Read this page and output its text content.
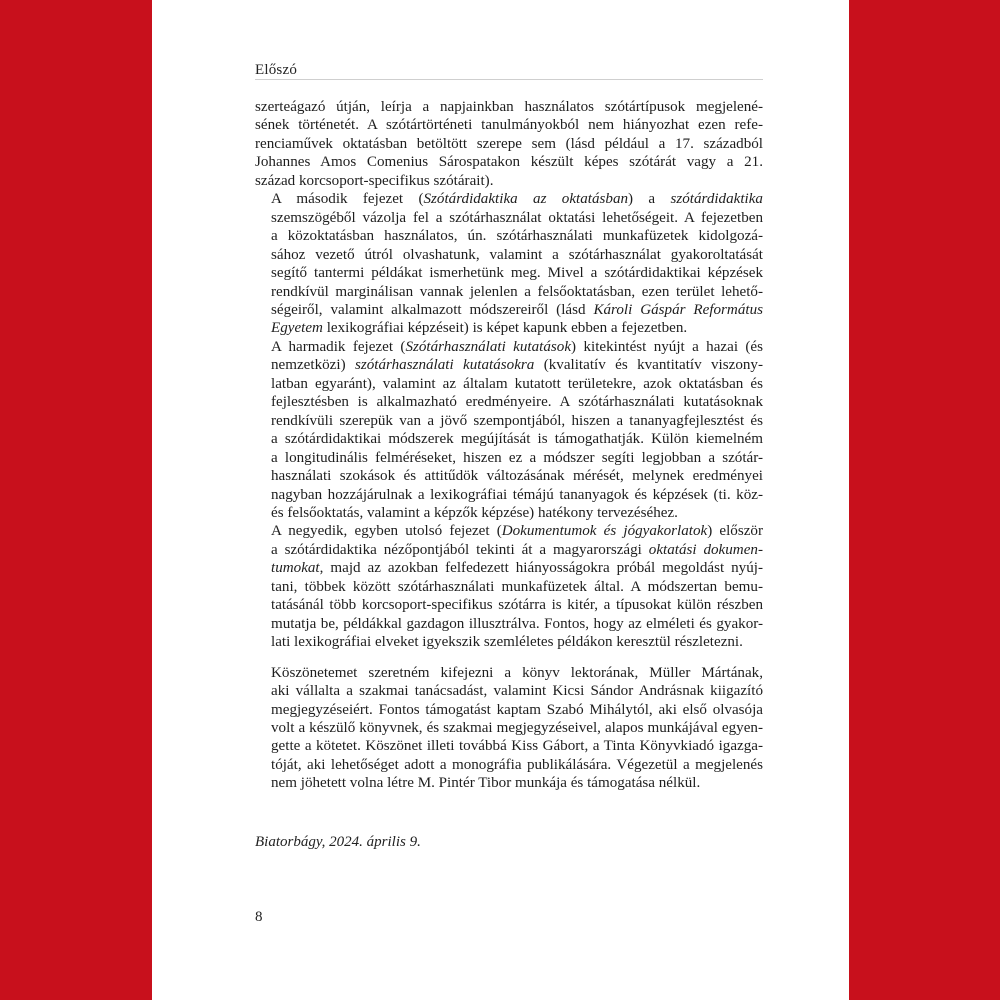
Előszó

szerteágazó útján, leírja a napjainkban használatos szótártípusok megjelené-
sének történetét. A szótártörténeti tanulmányokból nem hiányozhat ezen refe-
renciaművek oktatásban betöltött szerepe sem (lásd például a 17. századból
Johannes Amos Comenius Sárospatakon készült képes szótárát vagy a 21.
század korcsoport-specifikus szótárait).

A második fejezet (Szótárdidaktika az oktatásban) a szótárdidaktika
szemszögéből vázolja fel a szótárhasználat oktatási lehetőségeit. A fejezetben
a közoktatásban használatos, ún. szótárhasználati munkafüzetek kidolgozá-
sához vezető útról olvashatunk, valamint a szótárhasználat gyakoroltatását
segítő tantermi példákat ismerhetünk meg. Mivel a szótárdidaktikai képzések
rendkívül marginálisan vannak jelenlen a felsőoktatásban, ezen terület lehető-
ségeiről, valamint alkalmazott módszereiről (lásd Károli Gáspár Református
Egyetem lexikográfiai képzéseit) is képet kapunk ebben a fejezetben.

A harmadik fejezet (Szótárhasználati kutatások) kitekintést nyújt a hazai (és
nemzetközi) szótárhasználati kutatásokra (kvalitatív és kvantitatív viszony-
latban egyaránt), valamint az általam kutatott területekre, azok oktatásban és
fejlesztésben is alkalmazható eredményeire. A szótárhasználati kutatásoknak
rendkívüli szerepük van a jövő szempontjából, hiszen a tananyagfejlesztést és
a szótárdidaktikai módszerek megújítását is támogathatják. Külön kiemelném
a longitudinális felméréseket, hiszen ez a módszer segíti legjobban a szótár-
használati szokások és attitűdök változásának mérését, melynek eredményei
nagyban hozzájárulnak a lexikográfiai témájú tananyagok és képzések (ti. köz-
és felsőoktatás, valamint a képzők képzése) hatékony tervezéséhez.

A negyedik, egyben utolsó fejezet (Dokumentumok és jógyakorlatok) először
a szótárdidaktika nézőpontjából tekinti át a magyarországi oktatási dokumen-
tumokat, majd az azokban felfedezett hiányosságokra próbál megoldást nyúj-
tani, többek között szótárhasználati munkafüzetek által. A módszertan bemu-
tatásánál több korcsoport-specifikus szótárra is kitér, a típusokat külön részben
mutatja be, példákkal gazdagon illusztrálva. Fontos, hogy az elméleti és gyakor-
lati lexikográfiai elveket igyekszik szemléletes példákon keresztül részletezni.

Köszönetemet szeretném kifejezni a könyv lektorának, Müller Mártának,
aki vállalta a szakmai tanácsadást, valamint Kicsi Sándor Andrásnak kiigazító
megjegyzéseiért. Fontos támogatást kaptam Szabó Mihálytól, aki első olvasója
volt a készülő könyvnek, és szakmai megjegyzéseivel, alapos munkájával egyen-
gette a kötetet. Köszönet illeti továbbá Kiss Gábort, a Tinta Könyvkiadó igazga-
tóját, aki lehetőséget adott a monográfia publikálására. Végezetül a megjelenés
nem jöhetett volna létre M. Pintér Tibor munkája és támogatása nélkül.

Biatorbágy, 2024. április 9.
8
